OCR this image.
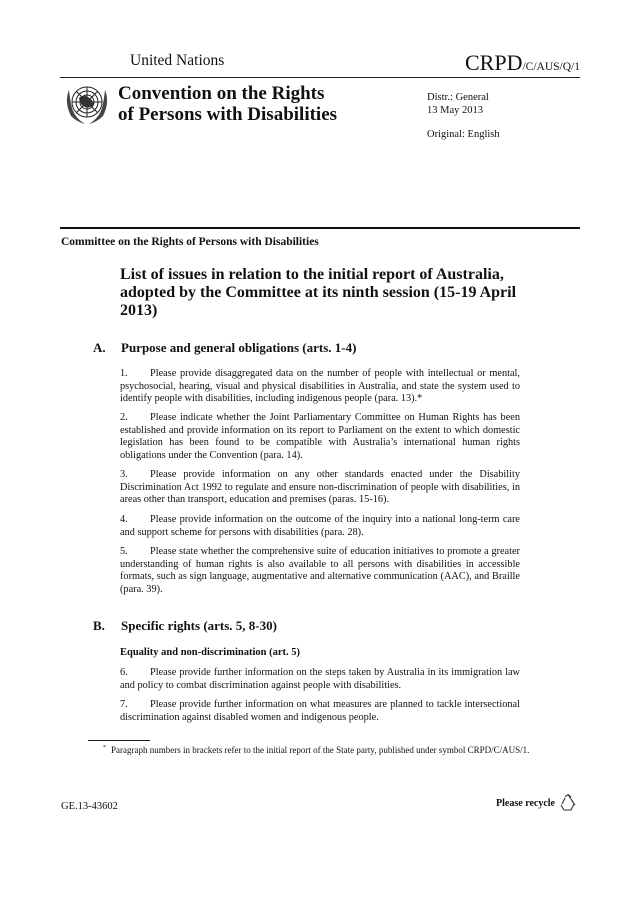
United Nations	CRPD/C/AUS/Q/1
Convention on the Rights
of Persons with Disabilities
Distr.: General
13 May 2013
Original: English
Committee on the Rights of Persons with Disabilities
List of issues in relation to the initial report of Australia, adopted by the Committee at its ninth session (15-19 April 2013)
A. Purpose and general obligations (arts. 1-4)
1. Please provide disaggregated data on the number of people with intellectual or mental, psychosocial, hearing, visual and physical disabilities in Australia, and state the system used to identify people with disabilities, including indigenous people (para. 13).*
2. Please indicate whether the Joint Parliamentary Committee on Human Rights has been established and provide information on its report to Parliament on the extent to which domestic legislation has been found to be compatible with Australia’s international human rights obligations under the Convention (para. 14).
3. Please provide information on any other standards enacted under the Disability Discrimination Act 1992 to regulate and ensure non-discrimination of people with disabilities, in areas other than transport, education and premises (paras. 15-16).
4. Please provide information on the outcome of the inquiry into a national long-term care and support scheme for persons with disabilities (para. 28).
5. Please state whether the comprehensive suite of education initiatives to promote a greater understanding of human rights is also available to all persons with disabilities in accessible formats, such as sign language, augmentative and alternative communication (AAC), and Braille (para. 39).
B. Specific rights (arts. 5, 8-30)
Equality and non-discrimination (art. 5)
6. Please provide further information on the steps taken by Australia in its immigration law and policy to combat discrimination against people with disabilities.
7. Please provide further information on what measures are planned to tackle intersectional discrimination against disabled women and indigenous people.
* Paragraph numbers in brackets refer to the initial report of the State party, published under symbol CRPD/C/AUS/1.
GE.13-43602	Please recycle
